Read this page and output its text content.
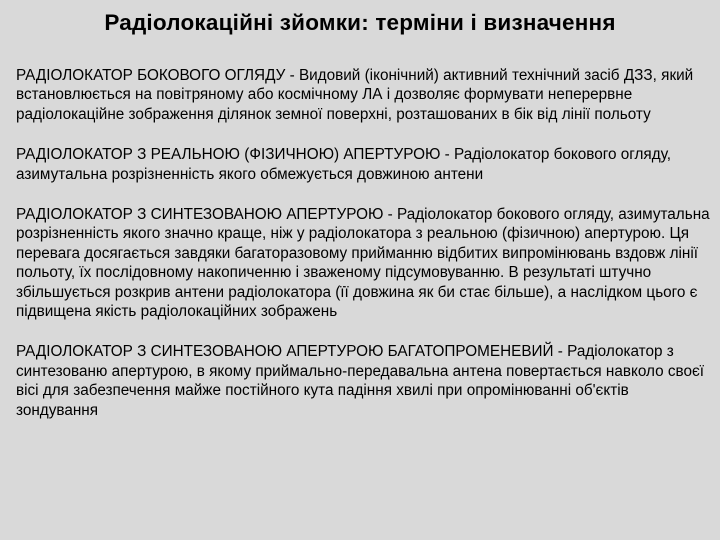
Радіолокаційні зйомки: терміни і визначення

РАДІОЛОКАТОР БОКОВОГО ОГЛЯДУ - Видовий (іконічний) активний технічний засіб ДЗЗ, який встановлюється на повітряному або космічному ЛА і дозволяє формувати неперервне радіолокаційне зображення ділянок земної поверхні, розташованих в бік від лінії польоту

РАДІОЛОКАТОР З РЕАЛЬНОЮ (ФІЗИЧНОЮ) АПЕРТУРОЮ - Радіолокатор бокового огляду, азимутальна розрізненність якого обмежується довжиною антени

РАДІОЛОКАТОР З СИНТЕЗОВАНОЮ АПЕРТУРОЮ - Радіолокатор бокового огляду, азимутальна розрізненність якого значно краще, ніж у радіолокатора з реальною (фізичною) апертурою. Ця перевага досягається завдяки багаторазовому прийманню відбитих випромінювань вздовж лінії польоту, їх послідовному накопиченню і зваженому підсумовуванню. В результаті штучно збільшується розкрив антени радіолокатора (її довжина як би стає більше), а наслідком цього є підвищена якість радіолокаційних зображень

РАДІОЛОКАТОР З СИНТЕЗОВАНОЮ АПЕРТУРОЮ БАГАТОПРОМЕНЕВИЙ - Радіолокатор з синтезованю апертурою, в якому приймально-передавальна антена повертається навколо своєї вісі для забезпечення майже постійного кута падіння хвилі при опромінюванні об'єктів зондування
